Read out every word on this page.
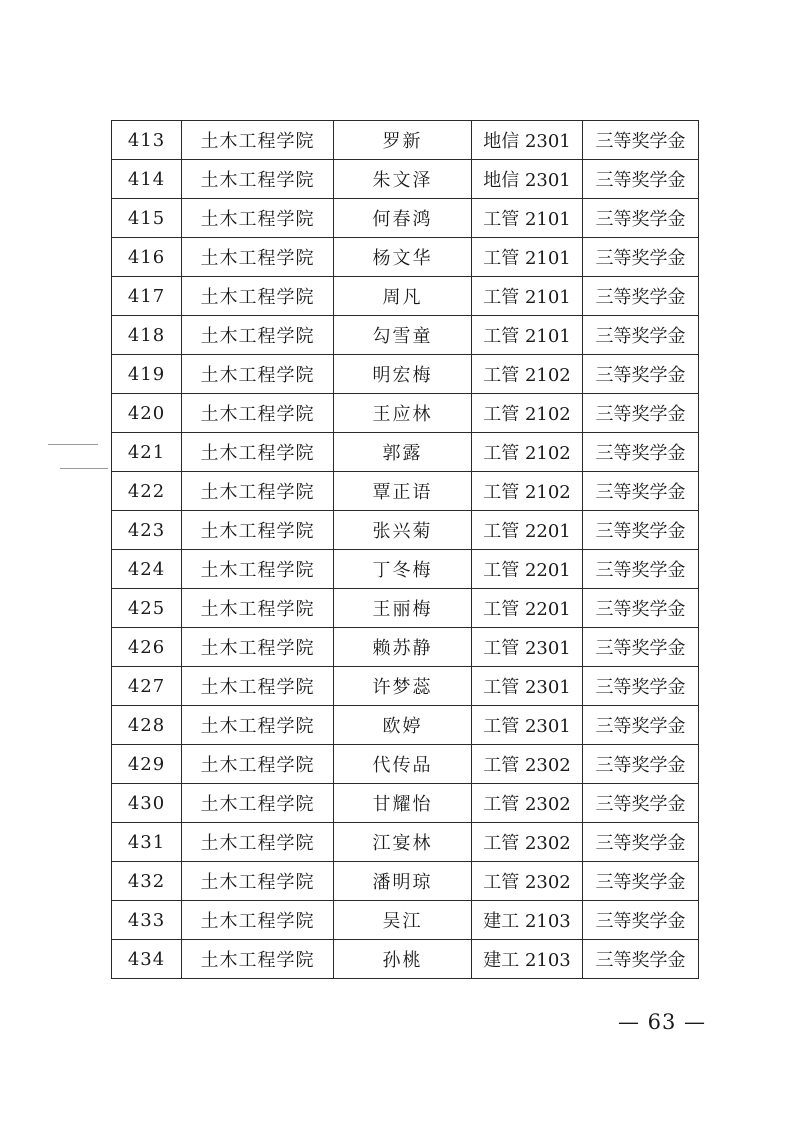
413	土木工程学院	罗新	地信 2301	三等奖学金
414	土木工程学院	朱文泽	地信 2301	三等奖学金
415	土木工程学院	何春鸿	工管 2101	三等奖学金
416	土木工程学院	杨文华	工管 2101	三等奖学金
417	土木工程学院	周凡	工管 2101	三等奖学金
418	土木工程学院	勾雪童	工管 2101	三等奖学金
419	土木工程学院	明宏梅	工管 2102	三等奖学金
420	土木工程学院	王应林	工管 2102	三等奖学金
421	土木工程学院	郭露	工管 2102	三等奖学金
422	土木工程学院	覃正语	工管 2102	三等奖学金
423	土木工程学院	张兴菊	工管 2201	三等奖学金
424	土木工程学院	丁冬梅	工管 2201	三等奖学金
425	土木工程学院	王丽梅	工管 2201	三等奖学金
426	土木工程学院	赖苏静	工管 2301	三等奖学金
427	土木工程学院	许梦蕊	工管 2301	三等奖学金
428	土木工程学院	欧婷	工管 2301	三等奖学金
429	土木工程学院	代传品	工管 2302	三等奖学金
430	土木工程学院	甘耀怡	工管 2302	三等奖学金
431	土木工程学院	江宴林	工管 2302	三等奖学金
432	土木工程学院	潘明琼	工管 2302	三等奖学金
433	土木工程学院	吴江	建工 2103	三等奖学金
434	土木工程学院	孙桃	建工 2103	三等奖学金
— 63 —
